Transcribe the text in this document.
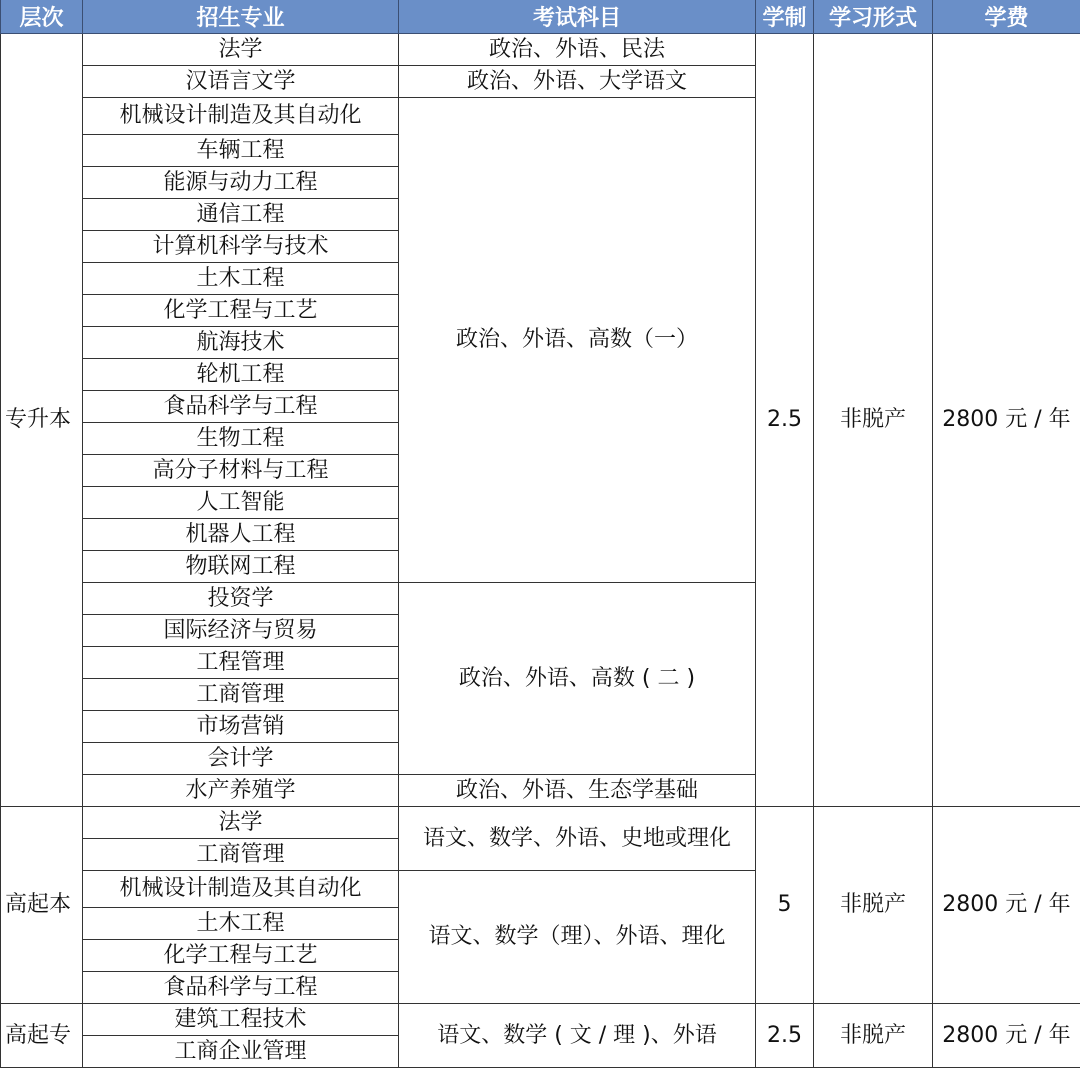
层次	招生专业	考试科目	学制	学习形式	学费
专升本	法学	政治、外语、民法	2.5	非脱产	2800 元 / 年
	汉语言文学	政治、外语、大学语文			
	机械设计制造及其自动化	政治、外语、高数（一）			
	车辆工程				
	能源与动力工程				
	通信工程				
	计算机科学与技术				
	土木工程				
	化学工程与工艺				
	航海技术				
	轮机工程				
	食品科学与工程				
	生物工程				
	高分子材料与工程				
	人工智能				
	机器人工程				
	物联网工程				
	投资学	政治、外语、高数 ( 二 )			
	国际经济与贸易				
	工程管理				
	工商管理				
	市场营销				
	会计学				
	水产养殖学	政治、外语、生态学基础			
高起本	法学	语文、数学、外语、史地或理化	5	非脱产	2800 元 / 年
	工商管理				
	机械设计制造及其自动化	语文、数学（理）、外语、理化			
	土木工程				
	化学工程与工艺				
	食品科学与工程				
高起专	建筑工程技术	语文、数学 ( 文 / 理 )、外语	2.5	非脱产	2800 元 / 年
	工商企业管理				
